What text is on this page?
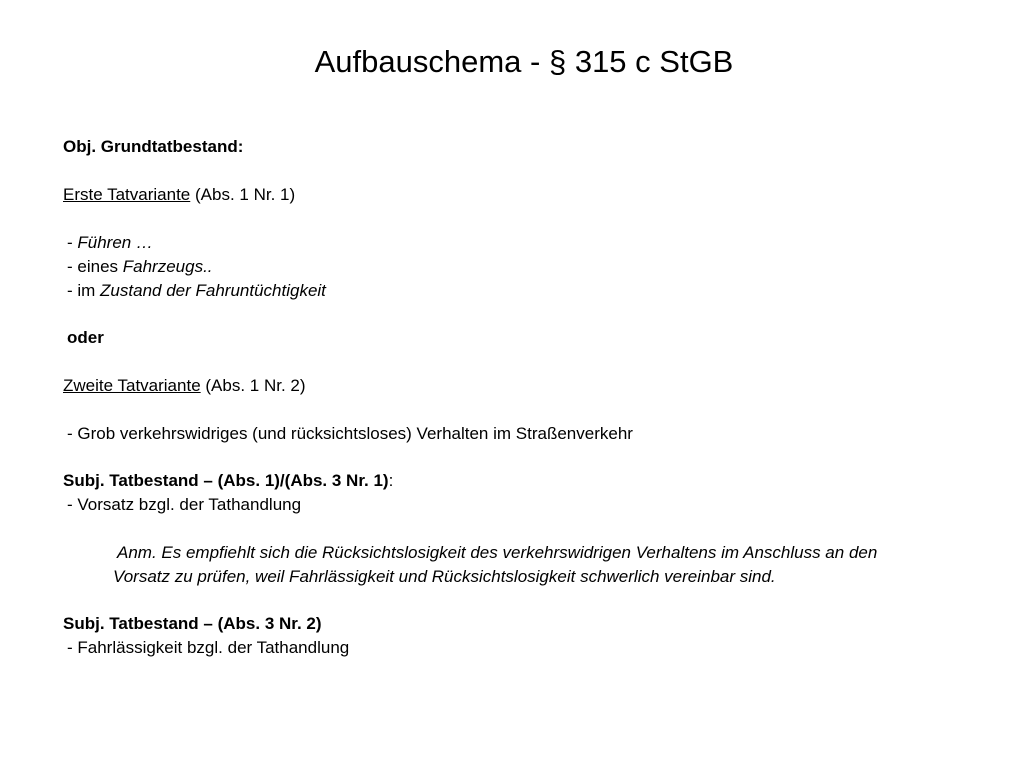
Aufbauschema - § 315 c StGB
Obj. Grundtatbestand:
Erste Tatvariante (Abs. 1 Nr. 1)
- Führen …
- eines Fahrzeugs..
- im Zustand der Fahruntüchtigkeit
oder
Zweite Tatvariante (Abs. 1 Nr. 2)
- Grob verkehrswidriges (und rücksichtsloses) Verhalten im Straßenverkehr
Subj. Tatbestand – (Abs. 1)/(Abs. 3 Nr. 1):
- Vorsatz bzgl. der Tathandlung
Anm. Es empfiehlt sich die Rücksichtslosigkeit des verkehrswidrigen Verhaltens im Anschluss an den
Vorsatz zu prüfen, weil Fahrlässigkeit und Rücksichtslosigkeit schwerlich vereinbar sind.
Subj. Tatbestand – (Abs. 3 Nr. 2)
- Fahrlässigkeit bzgl. der Tathandlung
